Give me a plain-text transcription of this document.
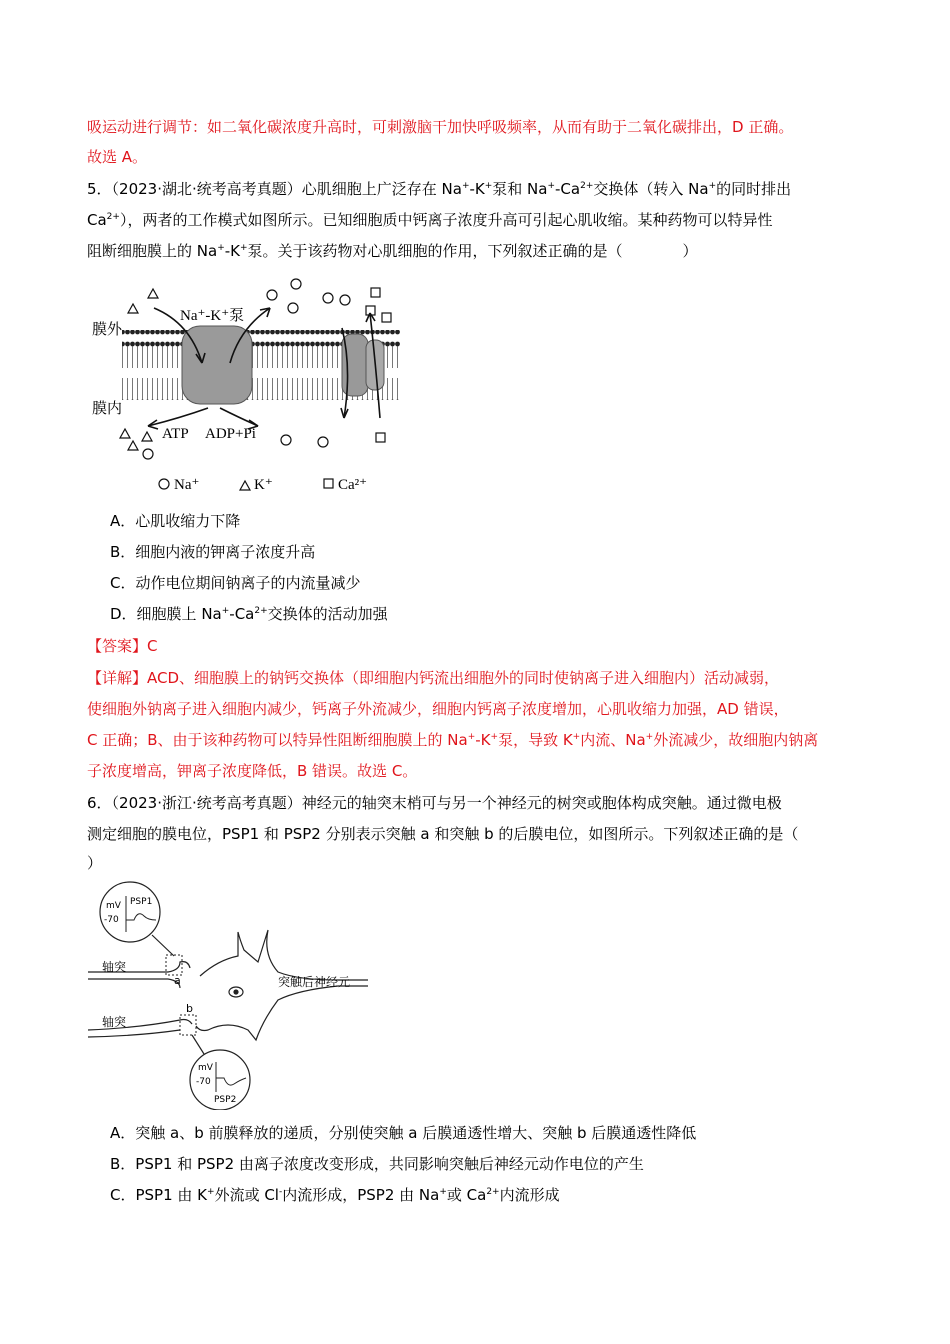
吸运动进行调节：如二氧化碳浓度升高时，可刺激脑干加快呼吸频率，从而有助于二氧化碳排出，D 正确。
故选 A。
5．（2023·湖北·统考高考真题）心肌细胞上广泛存在 Na+-K+泵和 $Na^+-Ca^{2+}$交换体（转入 Na+的同时排出
$Ca^{2+}$），两者的工作模式如图所示。已知细胞质中钙离子浓度升高可引起心肌收缩。某种药物可以特异性
阻断细胞膜上的 Na+-K+泵。关于该药物对心肌细胞的作用，下列叙述正确的是（	）
膜外
膜内
Na⁺-K⁺泵
ATP ADP+Pi
Na⁺	K⁺	Ca²⁺
A．心肌收缩力下降
B．细胞内液的钾离子浓度升高
C．动作电位期间钠离子的内流量减少
D．细胞膜上 $Na^+-Ca^{2+}$交换体的活动加强
【答案】C
【详解】ACD、细胞膜上的钠钙交换体（即细胞内钙流出细胞外的同时使钠离子进入细胞内）活动减弱，
使细胞外钠离子进入细胞内减少，钙离子外流减少，细胞内钙离子浓度增加，心肌收缩力加强，AD 错误，
C 正确；B、由于该种药物可以特异性阻断细胞膜上的 Na+-K+泵，导致 K+内流、Na+外流减少，故细胞内钠离
子浓度增高，钾离子浓度降低，B 错误。故选 C。
6．（2023·浙江·统考高考真题）神经元的轴突末梢可与另一个神经元的树突或胞体构成突触。通过微电极
测定细胞的膜电位，PSP1 和 PSP2 分别表示突触 a 和突触 b 的后膜电位，如图所示。下列叙述正确的是（
）
轴突
轴突
突触后神经元
a
b
mV
-70
PSP1
mV
-70
PSP2
A．突触 a、b 前膜释放的递质，分别使突触 a 后膜通透性增大、突触 b 后膜通透性降低
B．PSP1 和 PSP2 由离子浓度改变形成，共同影响突触后神经元动作电位的产生
C．PSP1 由 K+外流或 Cl-内流形成，PSP2 由 Na+或 $Ca^{2+}$内流形成
